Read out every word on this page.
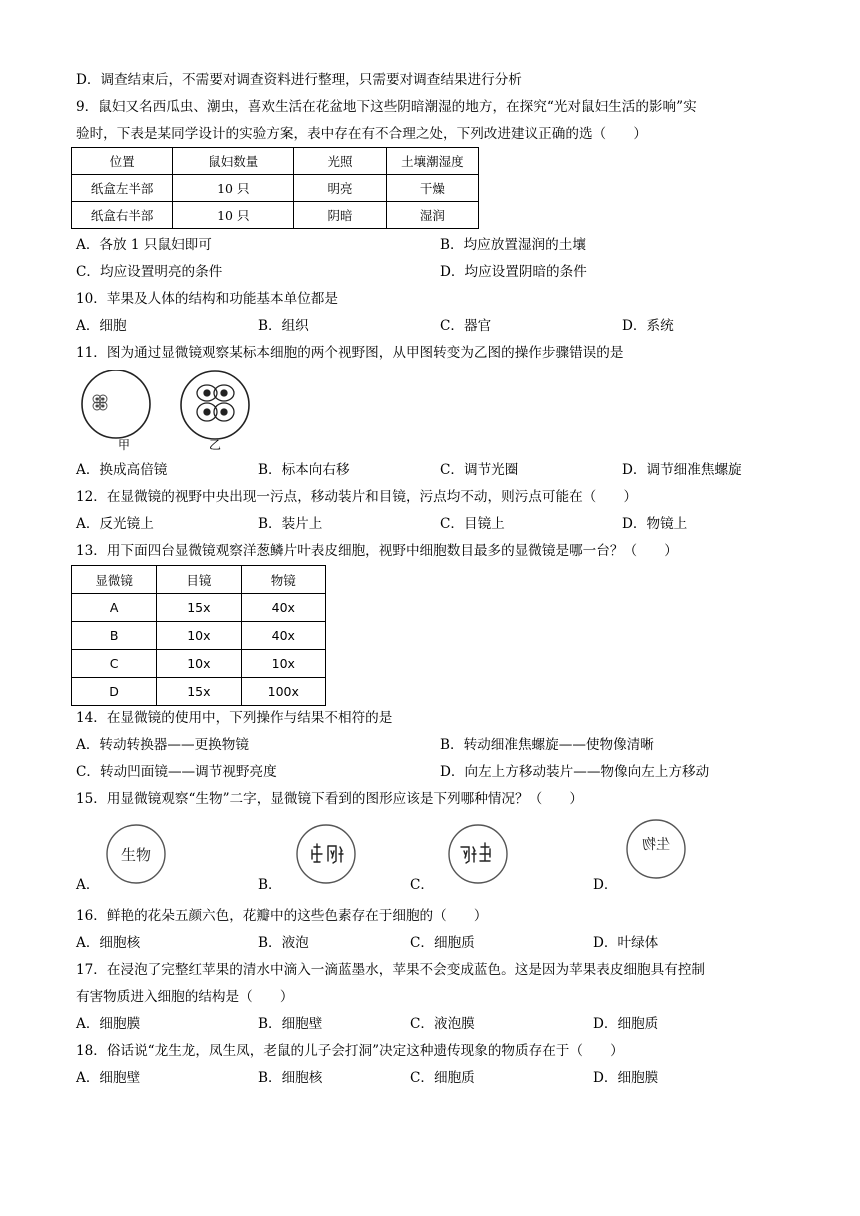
D．调查结束后，不需要对调查资料进行整理，只需要对调查结果进行分析
9．鼠妇又名西瓜虫、潮虫，喜欢生活在花盆地下这些阴暗潮湿的地方，在探究“光对鼠妇生活的影响”实
验时，下表是某同学设计的实验方案，表中存在有不合理之处，下列改进建议正确的选（　　）
位置	鼠妇数量	光照	土壤潮湿度
纸盒左半部	10 只	明亮	干燥
纸盒右半部	10 只	阴暗	湿润
A．各放 1 只鼠妇即可	B．均应放置湿润的土壤
C．均应设置明亮的条件	D．均应设置阴暗的条件
10．苹果及人体的结构和功能基本单位都是
A．细胞	B．组织	C．器官	D．系统
11．图为通过显微镜观察某标本细胞的两个视野图，从甲图转变为乙图的操作步骤错误的是
甲	乙
A．换成高倍镜	B．标本向右移	C．调节光圈	D．调节细准焦螺旋
12．在显微镜的视野中央出现一污点，移动装片和目镜，污点均不动，则污点可能在（　　）
A．反光镜上	B．装片上	C．目镜上	D．物镜上
13．用下面四台显微镜观察洋葱鳞片叶表皮细胞，视野中细胞数目最多的显微镜是哪一台？（　　）
显微镜	目镜	物镜
A	15x	40x
B	10x	40x
C	10x	10x
D	15x	100x
14．在显微镜的使用中，下列操作与结果不相符的是
A．转动转换器——更换物镜	B．转动细准焦螺旋——使物像清晰
C．转动凹面镜——调节视野亮度	D．向左上方移动装片——物像向左上方移动
15．用显微镜观察“生物”二字，显微镜下看到的图形应该是下列哪种情况？（　　）
生物
生物
A．	B．	C．	D．
16．鲜艳的花朵五颜六色，花瓣中的这些色素存在于细胞的（　　）
A．细胞核	B．液泡	C．细胞质	D．叶绿体
17．在浸泡了完整红苹果的清水中滴入一滴蓝墨水，苹果不会变成蓝色。这是因为苹果表皮细胞具有控制
有害物质进入细胞的结构是（　　）
A．细胞膜	B．细胞壁	C．液泡膜	D．细胞质
18．俗话说“龙生龙，凤生凤，老鼠的儿子会打洞”决定这种遗传现象的物质存在于（　　）
A．细胞壁	B．细胞核	C．细胞质	D．细胞膜
